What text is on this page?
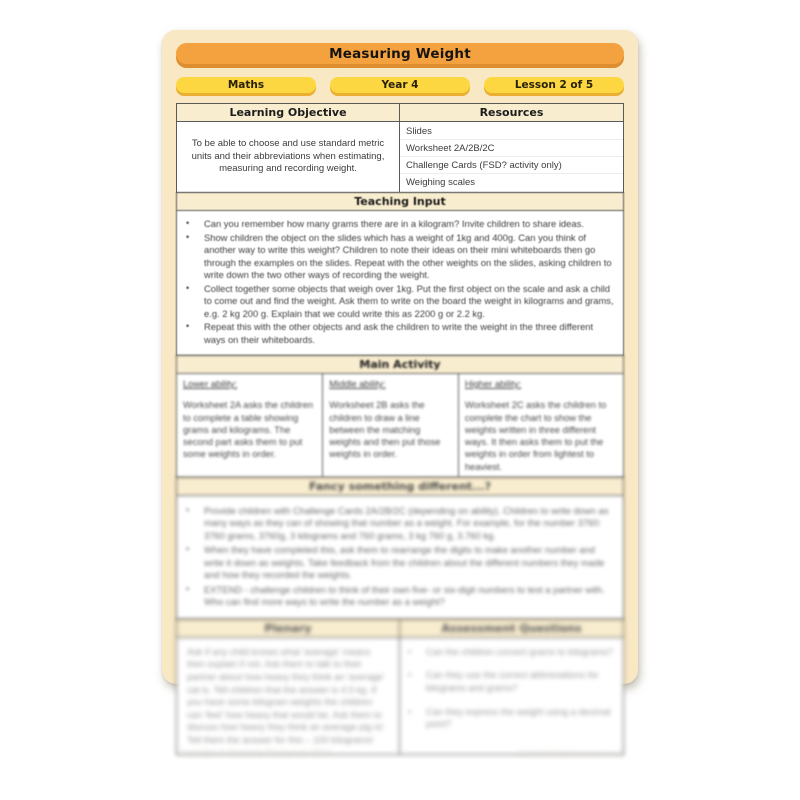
Measuring Weight
Maths	Year 4	Lesson 2 of 5
Learning Objective	Resources
To be able to choose and use standard metric units and their abbreviations when estimating, measuring and recording weight.
Slides
Worksheet 2A/2B/2C
Challenge Cards (FSD? activity only)
Weighing scales
Teaching Input
• Can you remember how many grams there are in a kilogram? Invite children to share ideas.
• Show children the object on the slides which has a weight of 1kg and 400g. Can you think of another way to write this weight? Children to note their ideas on their mini whiteboards then go through the examples on the slides. Repeat with the other weights on the slides, asking children to write down the two other ways of recording the weight.
• Collect together some objects that weigh over 1kg. Put the first object on the scale and ask a child to come out and find the weight. Ask them to write on the board the weight in kilograms and grams, e.g. 2 kg 200 g. Explain that we could write this as 2200 g or 2.2 kg.
• Repeat this with the other objects and ask the children to write the weight in the three different ways on their whiteboards.
Main Activity
Lower ability:
Worksheet 2A asks the children to complete a table showing grams and kilograms. The second part asks them to put some weights in order.
Middle ability:
Worksheet 2B asks the children to draw a line between the matching weights and then put those weights in order.
Higher ability:
Worksheet 2C asks the children to complete the chart to show the weights written in three different ways. It then asks them to put the weights in order from lightest to heaviest.
Fancy something different...?
• Provide children with Challenge Cards 2A/2B/2C (depending on ability). Children to write down as many ways as they can of showing that number as a weight. For example, for the number 3760: 3760 grams, 3760g, 3 kilograms and 760 grams, 3 kg 760 g, 3.760 kg.
• When they have completed this, ask them to rearrange the digits to make another number and write it down as weights. Take feedback from the children about the different numbers they made and how they recorded the weights.
• EXTEND - challenge children to think of their own five- or six-digit numbers to test a partner with. Who can find more ways to write the number as a weight?
Plenary	Assessment Questions
Ask if any child knows what 'average' means then explain if not. Ask them to talk to their partner about how heavy they think an 'average' cat is. Tell children that the answer is 4.5 kg. If you have some kilogram weights the children can 'feel' how heavy that would be. Ask them to discuss how heavy they think an average pig is! Tell them the answer for this – 100 kilograms!
• Can the children convert grams to kilograms?
• Can they use the correct abbreviations for kilograms and grams?
• Can they express the weight using a decimal point?
Copyright © Teaching Resources 2014	www.teachingresources.co.uk
